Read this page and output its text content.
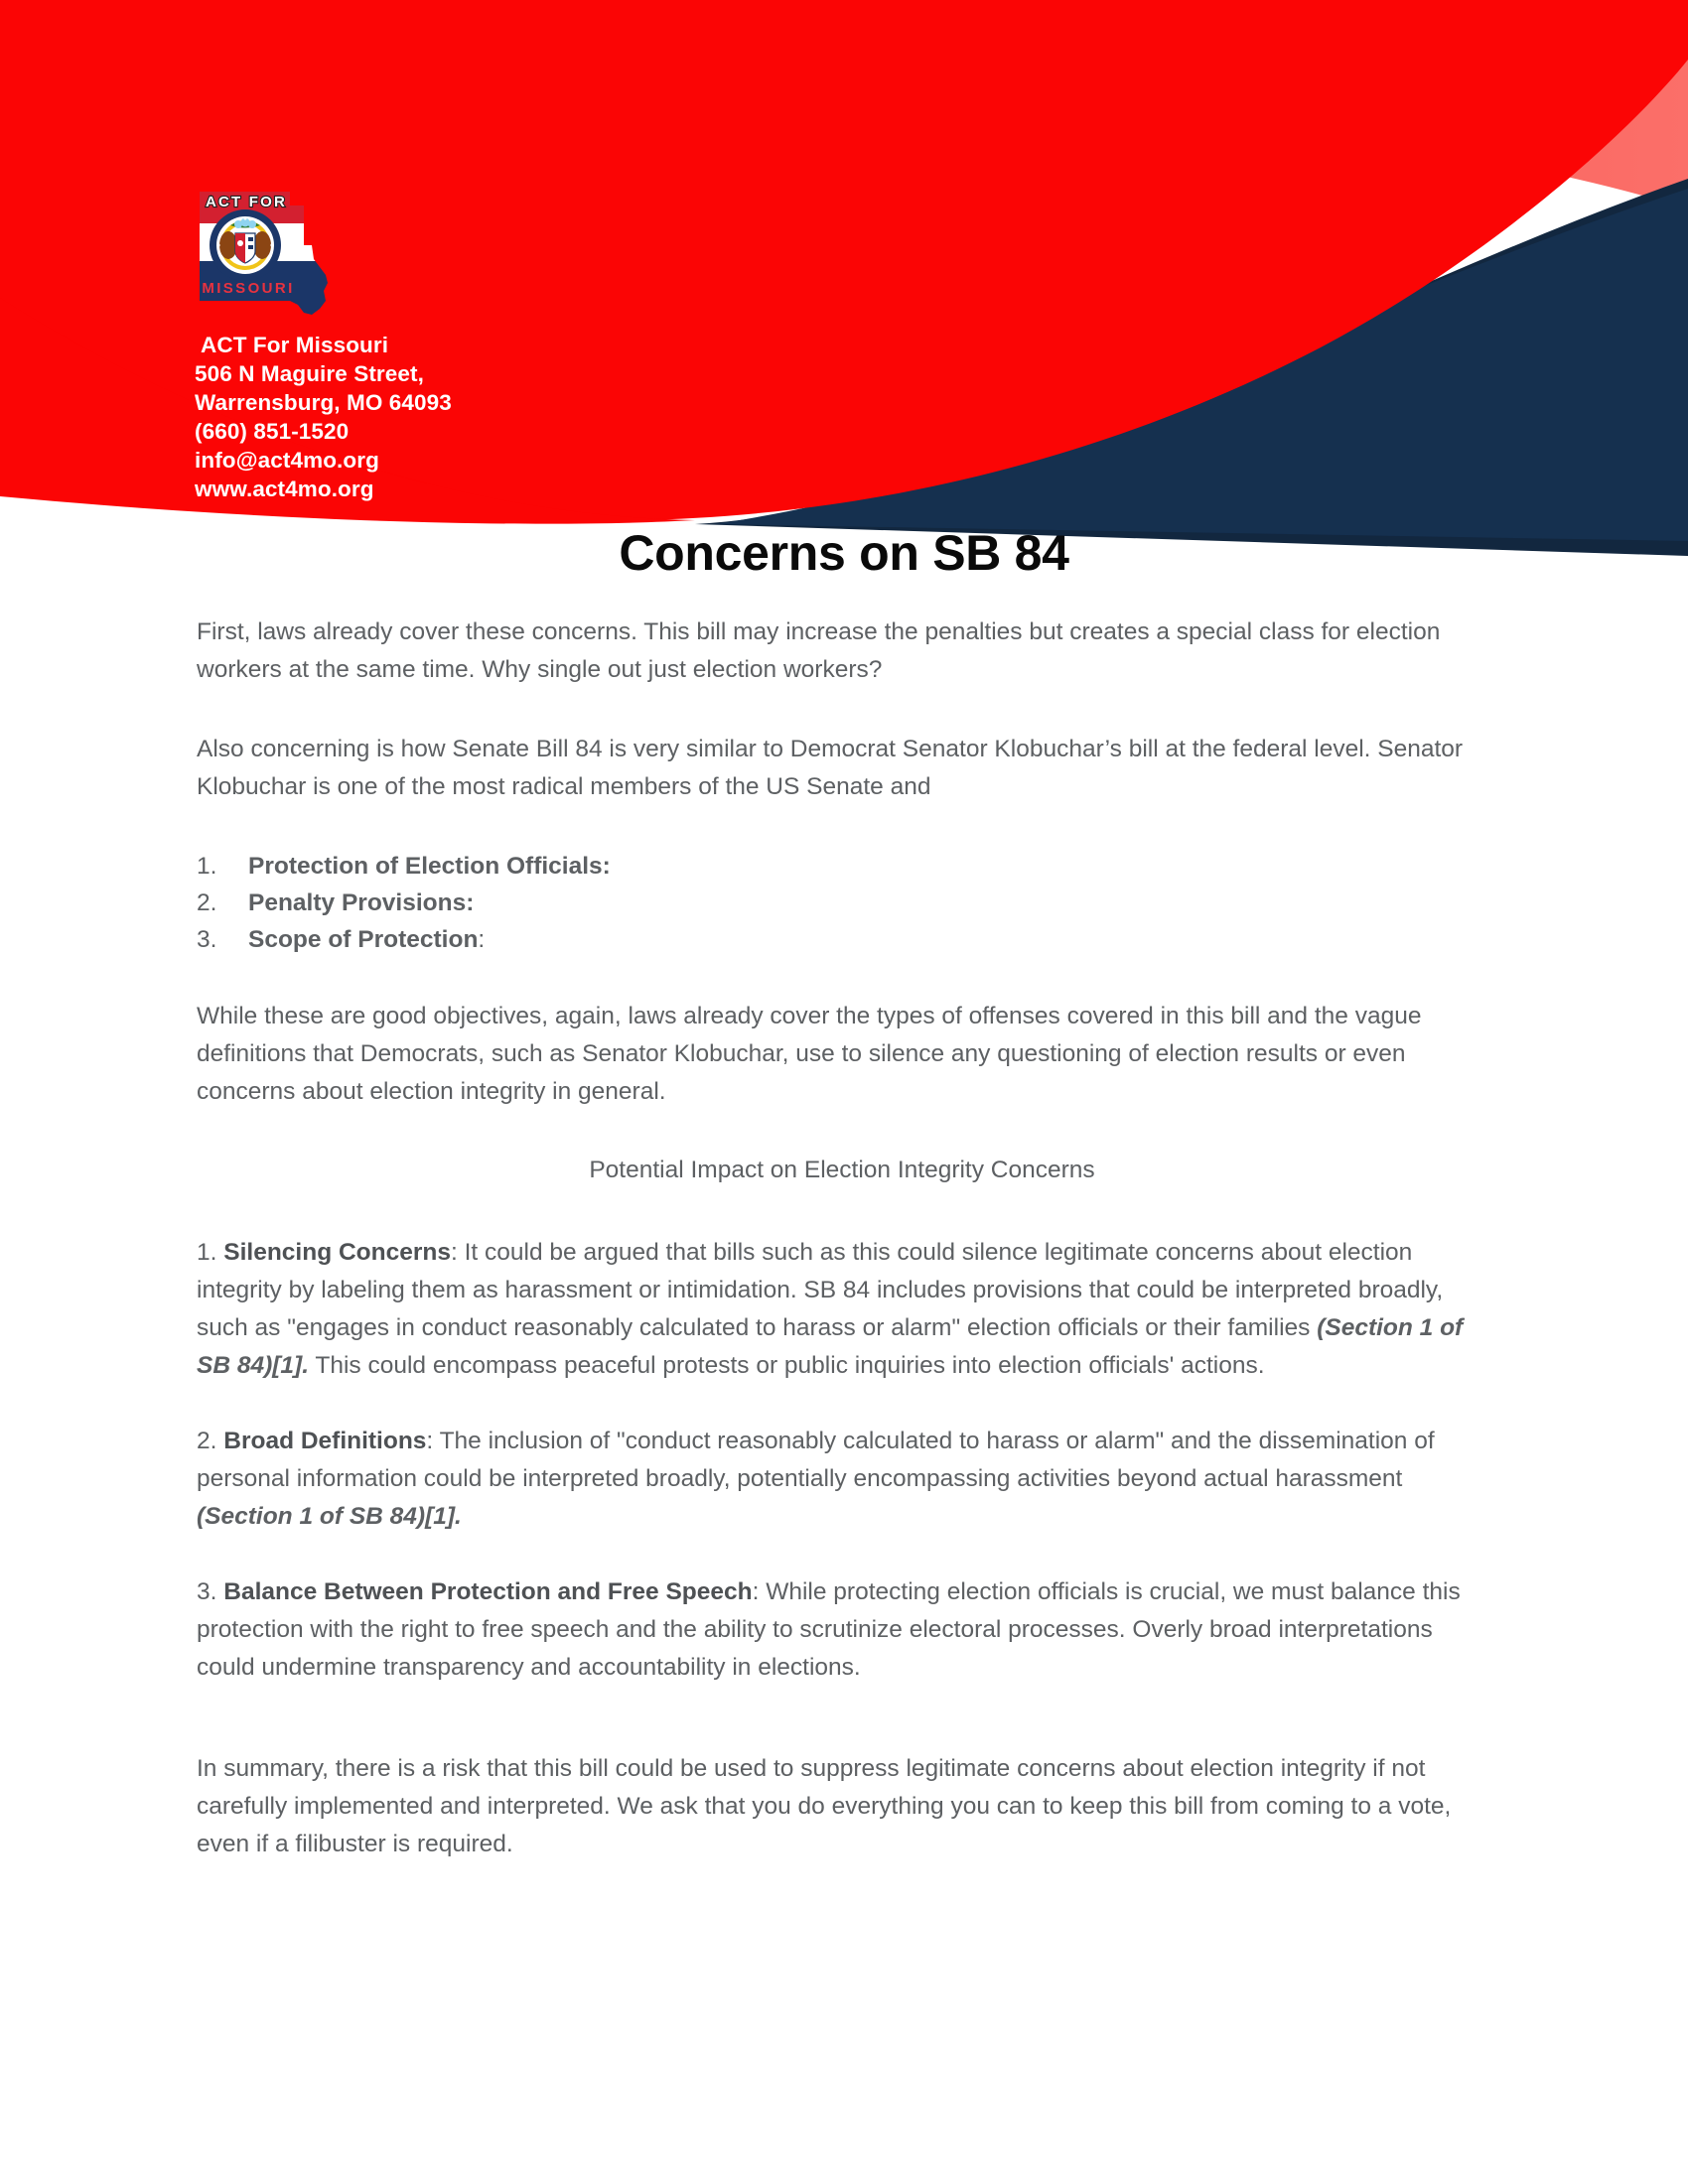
ACT FOR
MISSOURI
ACT For Missouri
506 N Maguire Street,
Warrensburg, MO 64093
(660) 851-1520
info@act4mo.org
www.act4mo.org
Concerns on SB 84

First, laws already cover these concerns. This bill may increase the penalties but creates a special class for election workers at the same time. Why single out just election workers?

Also concerning is how Senate Bill 84 is very similar to Democrat Senator Klobuchar’s bill at the federal level. Senator Klobuchar is one of the most radical members of the US Senate and

1. Protection of Election Officials:
2. Penalty Provisions:
3. Scope of Protection:

While these are good objectives, again, laws already cover the types of offenses covered in this bill and the vague definitions that Democrats, such as Senator Klobuchar, use to silence any questioning of election results or even concerns about election integrity in general.

Potential Impact on Election Integrity Concerns

1. Silencing Concerns: It could be argued that bills such as this could silence legitimate concerns about election integrity by labeling them as harassment or intimidation. SB 84 includes provisions that could be interpreted broadly, such as "engages in conduct reasonably calculated to harass or alarm" election officials or their families (Section 1 of SB 84)[1]. This could encompass peaceful protests or public inquiries into election officials' actions.

2. Broad Definitions: The inclusion of "conduct reasonably calculated to harass or alarm" and the dissemination of personal information could be interpreted broadly, potentially encompassing activities beyond actual harassment (Section 1 of SB 84)[1].

3. Balance Between Protection and Free Speech: While protecting election officials is crucial, we must balance this protection with the right to free speech and the ability to scrutinize electoral processes. Overly broad interpretations could undermine transparency and accountability in elections.

In summary, there is a risk that this bill could be used to suppress legitimate concerns about election integrity if not carefully implemented and interpreted. We ask that you do everything you can to keep this bill from coming to a vote, even if a filibuster is required.
